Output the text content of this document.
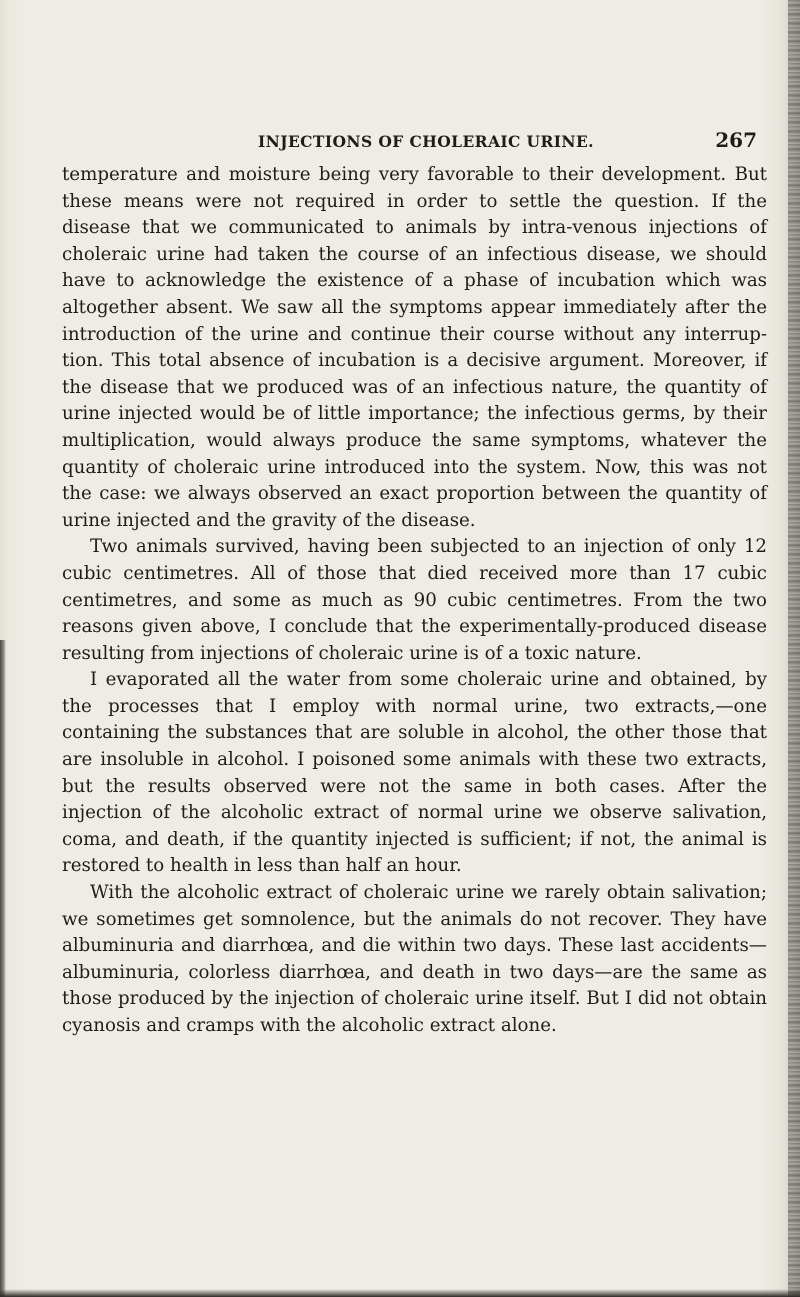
INJECTIONS OF CHOLERAIC URINE.	267

temperature and moisture being very favorable to their development. But these means were not required in order to settle the question. If the disease that we communicated to animals by intra-venous injections of choleraic urine had taken the course of an infectious disease, we should have to acknowledge the existence of a phase of incubation which was altogether absent. We saw all the symptoms appear immediately after the introduction of the urine and continue their course without any interruption. This total absence of incubation is a decisive argument. Moreover, if the disease that we produced was of an infectious nature, the quantity of urine injected would be of little importance; the infectious germs, by their multiplication, would always produce the same symptoms, whatever the quantity of choleraic urine introduced into the system. Now, this was not the case: we always observed an exact proportion between the quantity of urine injected and the gravity of the disease.

Two animals survived, having been subjected to an injection of only 12 cubic centimetres. All of those that died received more than 17 cubic centimetres, and some as much as 90 cubic centimetres. From the two reasons given above, I conclude that the experimentally-produced disease resulting from injections of choleraic urine is of a toxic nature.

I evaporated all the water from some choleraic urine and obtained, by the processes that I employ with normal urine, two extracts,—one containing the substances that are soluble in alcohol, the other those that are insoluble in alcohol. I poisoned some animals with these two extracts, but the results observed were not the same in both cases. After the injection of the alcoholic extract of normal urine we observe salivation, coma, and death, if the quantity injected is sufficient; if not, the animal is restored to health in less than half an hour.

With the alcoholic extract of choleraic urine we rarely obtain salivation; we sometimes get somnolence, but the animals do not recover. They have albuminuria and diarrhœa, and die within two days. These last accidents—albuminuria, colorless diarrhœa, and death in two days—are the same as those produced by the injection of choleraic urine itself. But I did not obtain cyanosis and cramps with the alcoholic extract alone.
